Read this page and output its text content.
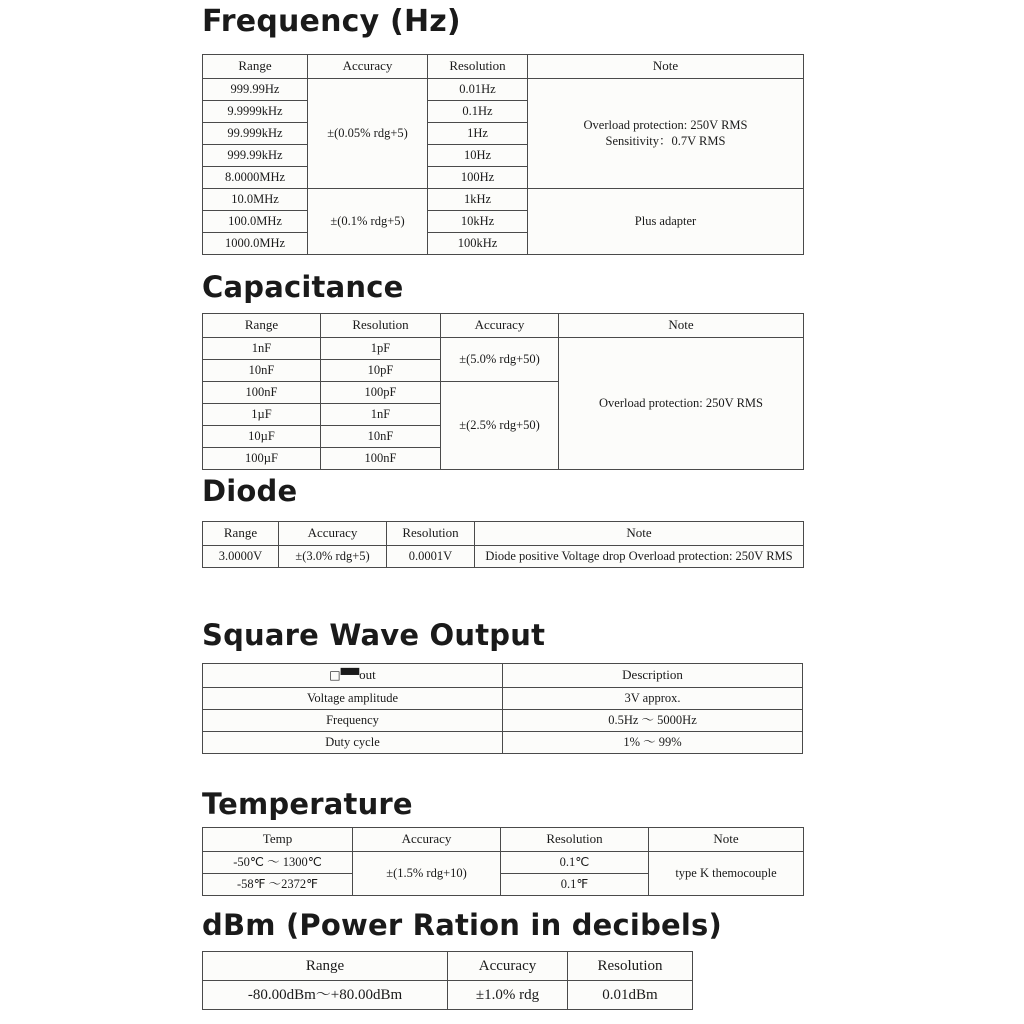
Frequency (Hz)
Range	Accuracy	Resolution	Note
999.99Hz	±(0.05% rdg+5)	0.01Hz	Overload protection: 250V RMS
Sensitivity：0.7V RMS

9.9999kHz		0.1Hz	
99.999kHz		1Hz	
999.99kHz		10Hz	
8.0000MHz		100Hz	
10.0MHz	±(0.1% rdg+5)	1kHz	Plus adapter
100.0MHz		10kHz	
1000.0MHz		100kHz	
Capacitance
Range	Resolution	Accuracy	Note
1nF	1pF	±(5.0% rdg+50)	Overload protection: 250V RMS
10nF	10pF		
100nF	100pF	±(2.5% rdg+50)	
1µF	1nF		
10µF	10nF		
100µF	100nF		
Diode
Range	Accuracy	Resolution	Note
3.0000V	±(3.0% rdg+5)	0.0001V	Diode positive Voltage drop Overload protection: 250V RMS
Square Wave Output
□▀▀out	Description
Voltage amplitude	3V approx.
Frequency	0.5Hz ～ 5000Hz
Duty cycle	1% ～ 99%
Temperature
Temp	Accuracy	Resolution	Note
-50℃ ～ 1300℃	±(1.5% rdg+10)	0.1℃	type K themocouple
-58℉ ～2372℉		0.1℉	
dBm (Power Ration in decibels)
Range	Accuracy	Resolution
-80.00dBm～+80.00dBm	±1.0% rdg	0.01dBm
